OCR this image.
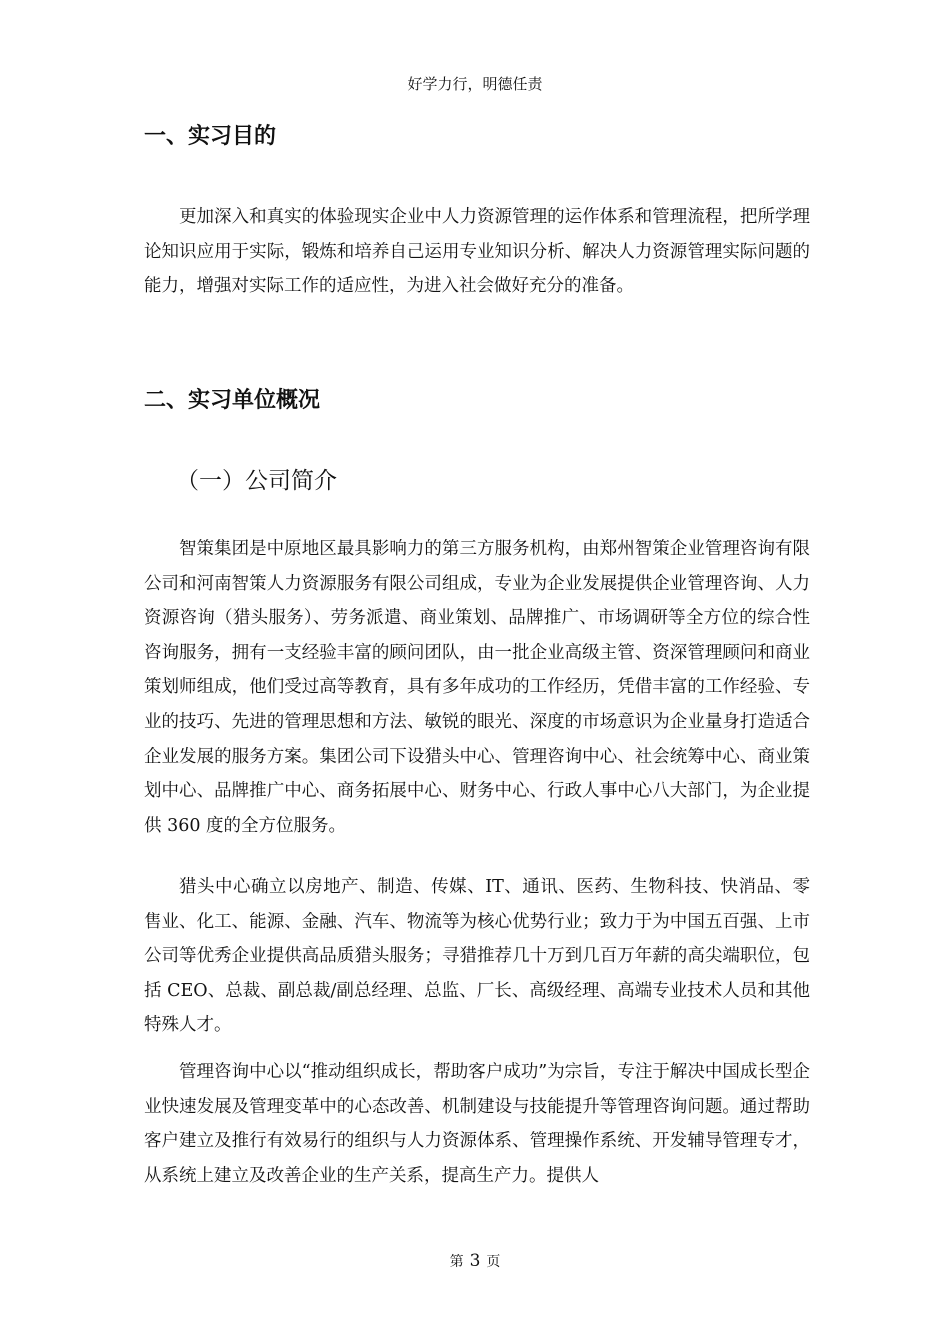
好学力行，明德任责
一、实习目的

更加深入和真实的体验现实企业中人力资源管理的运作体系和管理流程，把所学理论知识应用于实际，锻炼和培养自己运用专业知识分析、解决人力资源管理实际问题的能力，增强对实际工作的适应性，为进入社会做好充分的准备。

二、实习单位概况
（一）公司简介

智策集团是中原地区最具影响力的第三方服务机构，由郑州智策企业管理咨询有限公司和河南智策人力资源服务有限公司组成，专业为企业发展提供企业管理咨询、人力资源咨询（猎头服务）、劳务派遣、商业策划、品牌推广、市场调研等全方位的综合性咨询服务，拥有一支经验丰富的顾问团队，由一批企业高级主管、资深管理顾问和商业策划师组成，他们受过高等教育，具有多年成功的工作经历，凭借丰富的工作经验、专业的技巧、先进的管理思想和方法、敏锐的眼光、深度的市场意识为企业量身打造适合企业发展的服务方案。集团公司下设猎头中心、管理咨询中心、社会统筹中心、商业策划中心、品牌推广中心、商务拓展中心、财务中心、行政人事中心八大部门，为企业提供 360 度的全方位服务。

猎头中心确立以房地产、制造、传媒、IT、通讯、医药、生物科技、快消品、零售业、化工、能源、金融、汽车、物流等为核心优势行业；致力于为中国五百强、上市公司等优秀企业提供高品质猎头服务；寻猎推荐几十万到几百万年薪的高尖端职位，包括 CEO、总裁、副总裁/副总经理、总监、厂长、高级经理、高端专业技术人员和其他特殊人才。

管理咨询中心以“推动组织成长，帮助客户成功”为宗旨，专注于解决中国成长型企业快速发展及管理变革中的心态改善、机制建设与技能提升等管理咨询问题。通过帮助客户建立及推行有效易行的组织与人力资源体系、管理操作系统、开发辅导管理专才，从系统上建立及改善企业的生产关系，提高生产力。提供人

第 3 页
